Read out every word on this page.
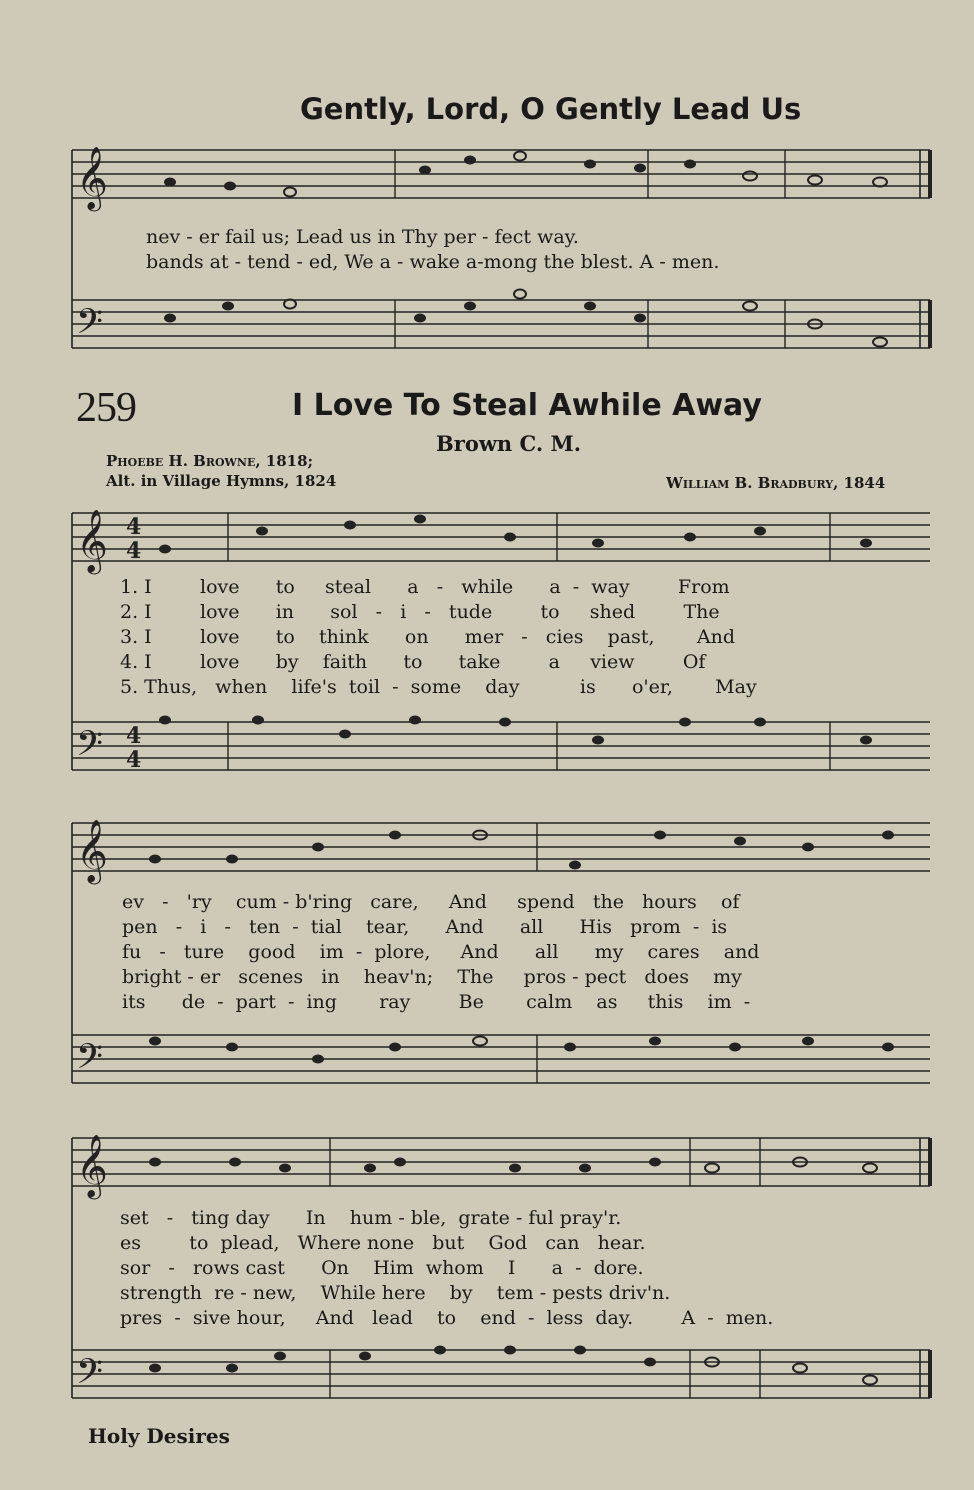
𝄞
𝄢
𝄞
𝄢
𝄞
𝄢
𝄞
𝄢
4
4
4
4
Gently, Lord, O Gently Lead Us
nev - er fail us; Lead us in Thy per - fect way.
bands at - tend - ed, We a - wake a-mong the blest. A - men.
259	I Love To Steal Awhile Away
Brown C. M.
Phoebe H. Browne, 1818;
Alt. in Village Hymns, 1824	William B. Bradbury, 1844
1. I        love      to     steal      a   -   while      a  -  way        From
2. I        love      in      sol   -   i   -   tude        to     shed        The
3. I        love      to    think      on      mer   -   cies    past,       And
4. I        love      by    faith      to      take        a     view        Of
5. Thus,   when    life's  toil  -  some    day          is      o'er,       May
ev   -   'ry    cum - b'ring   care,     And     spend   the   hours    of
pen   -   i   -   ten  -  tial    tear,      And      all      His   prom  -  is
fu   -   ture    good    im  -  plore,     And      all      my    cares    and
bright - er   scenes   in    heav'n;    The     pros - pect   does    my
its      de  -  part  -  ing       ray        Be       calm    as     this    im  -
set   -   ting day      In    hum - ble,  grate - ful pray'r.
es        to  plead,   Where none   but    God   can   hear.
sor   -   rows cast      On    Him  whom    I      a  -  dore.
strength  re - new,    While here    by    tem - pests driv'n.
pres  -  sive hour,     And   lead    to    end  -  less  day.        A  -  men.
Holy Desires
